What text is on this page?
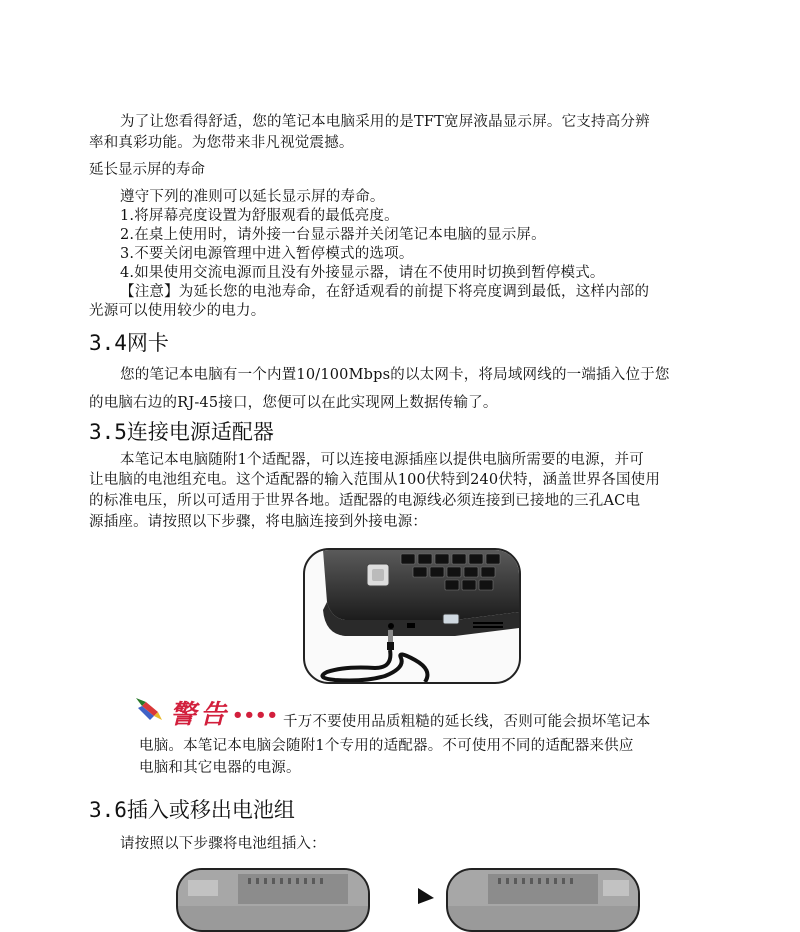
为了让您看得舒适，您的笔记本电脑采用的是TFT宽屏液晶显示屏。它支持高分辨
率和真彩功能。为您带来非凡视觉震撼。
延长显示屏的寿命
遵守下列的准则可以延长显示屏的寿命。
1.将屏幕亮度设置为舒服观看的最低亮度。
2.在桌上使用时，请外接一台显示器并关闭笔记本电脑的显示屏。
3.不要关闭电源管理中进入暂停模式的选项。
4.如果使用交流电源而且没有外接显示器，请在不使用时切换到暂停模式。
【注意】为延长您的电池寿命，在舒适观看的前提下将亮度调到最低，这样内部的
光源可以使用较少的电力。
3.4网卡
您的笔记本电脑有一个内置10/100Mbps的以太网卡，将局域网线的一端插入位于您
的电脑右边的RJ-45接口，您便可以在此实现网上数据传输了。
3.5连接电源适配器
本笔记本电脑随附1个适配器，可以连接电源插座以提供电脑所需要的电源，并可
让电脑的电池组充电。这个适配器的输入范围从100伏特到240伏特，涵盖世界各国使用
的标准电压，所以可适用于世界各地。适配器的电源线必须连接到已接地的三孔AC电
源插座。请按照以下步骤，将电脑连接到外接电源：
警告 •••• 千万不要使用品质粗糙的延长线，否则可能会损坏笔记本
电脑。本笔记本电脑会随附1个专用的适配器。不可使用不同的适配器来供应
电脑和其它电器的电源。
3.6插入或移出电池组
请按照以下步骤将电池组插入：
